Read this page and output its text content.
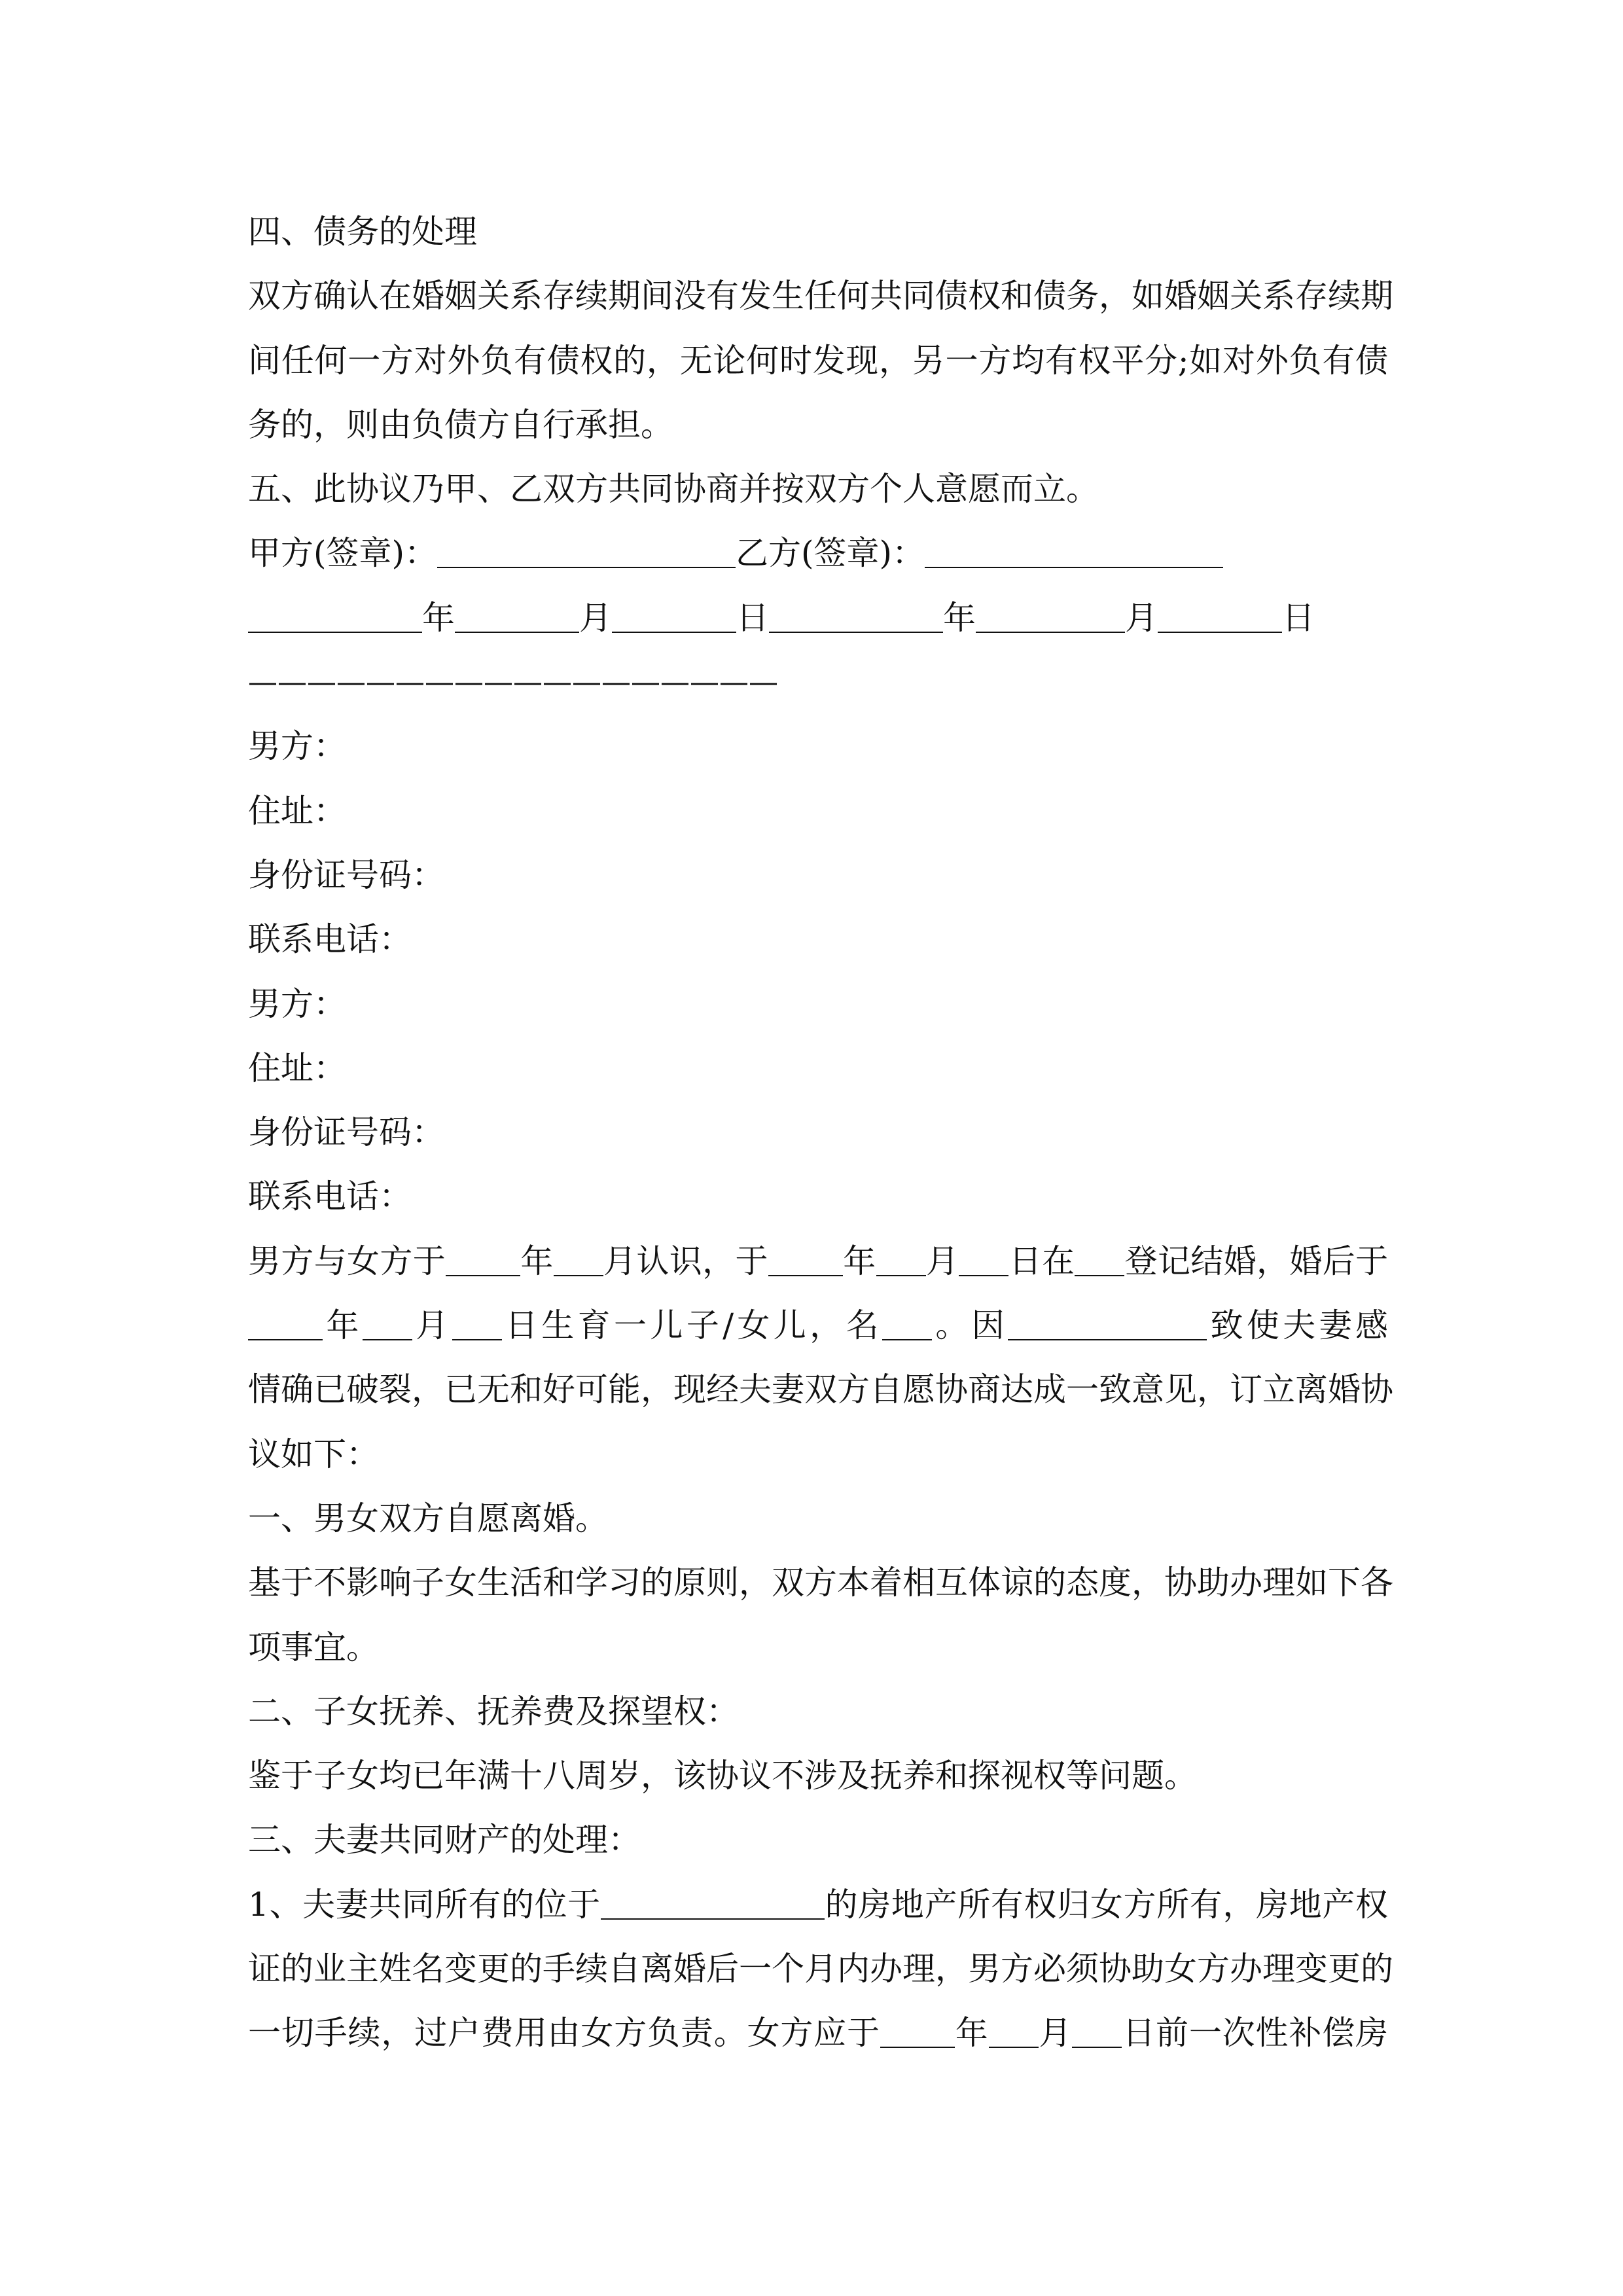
四、债务的处理
双方确认在婚姻关系存续期间没有发生任何共同债权和债务，如婚姻关系存续期
间任何一方对外负有债权的，无论何时发现，另一方均有权平分;如对外负有债
务的，则由负债方自行承担。
五、此协议乃甲、乙双方共同协商并按双方个人意愿而立。
甲方(签章)：	乙方(签章)：
年	月	日	年	月	日
——————————————————
男方：
住址：
身份证号码：
联系电话：
男方：
住址：
身份证号码：
联系电话：
男方与女方于 年 月认识，于 年 月 日在 登记结婚，婚后于
年 月 日生育一儿子/女儿，名 。因	致使夫妻感
情确已破裂，已无和好可能，现经夫妻双方自愿协商达成一致意见，订立离婚协
议如下：
一、男女双方自愿离婚。
基于不影响子女生活和学习的原则，双方本着相互体谅的态度，协助办理如下各
项事宜。
二、子女抚养、抚养费及探望权：
鉴于子女均已年满十八周岁，该协议不涉及抚养和探视权等问题。
三、夫妻共同财产的处理：
1、夫妻共同所有的位于	的房地产所有权归女方所有，房地产权
证的业主姓名变更的手续自离婚后一个月内办理，男方必须协助女方办理变更的
一切手续，过户费用由女方负责。女方应于 年 月 日前一次性补偿房
